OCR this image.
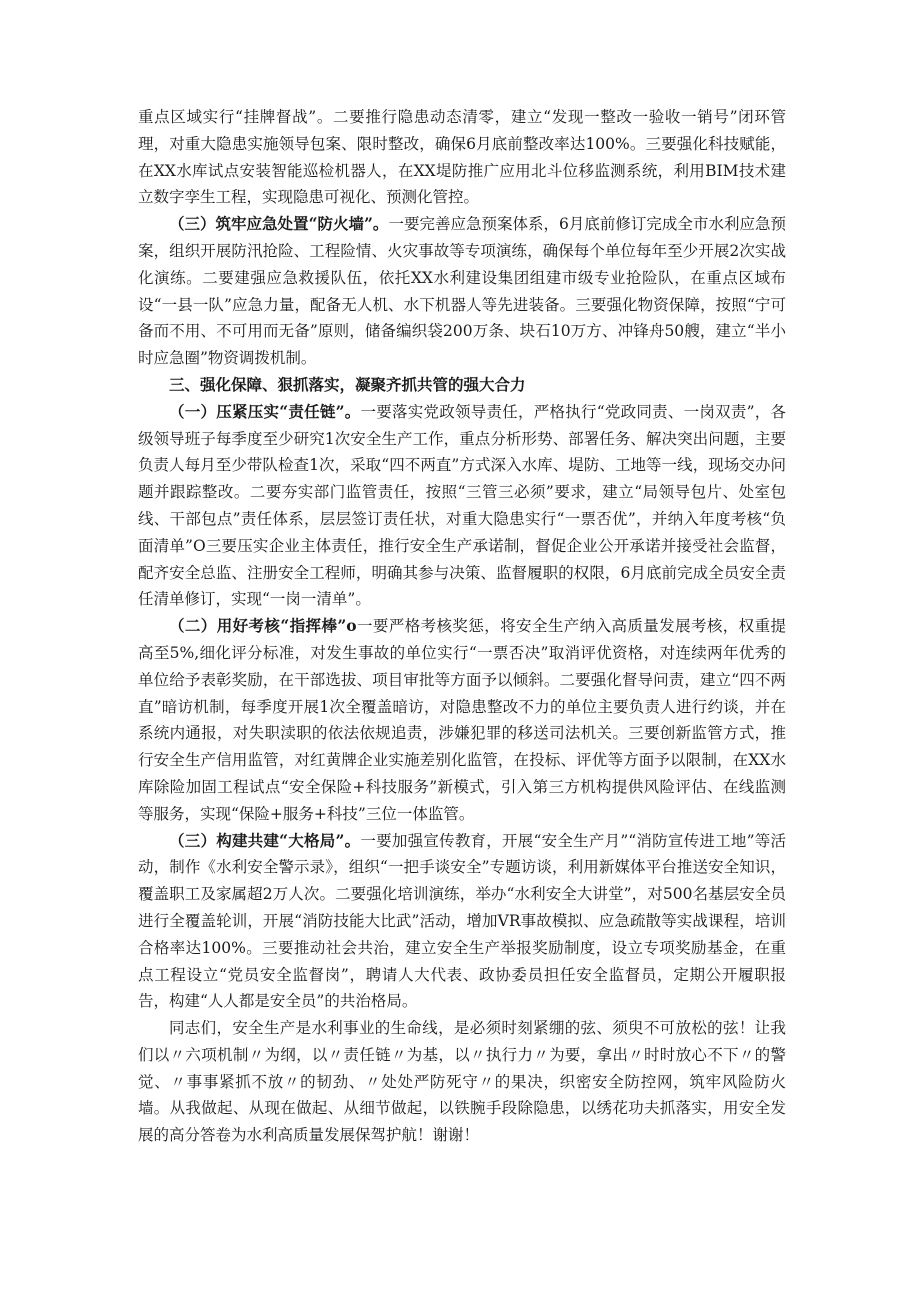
重点区域实行“挂牌督战”。二要推行隐患动态清零，建立“发现一整改一验收一销号”闭环管理，对重大隐患实施领导包案、限时整改，确保6月底前整改率达100%。三要强化科技赋能，在XX水库试点安装智能巡检机器人，在XX堤防推广应用北斗位移监测系统，利用BIM技术建立数字孪生工程，实现隐患可视化、预测化管控。

（三）筑牢应急处置“防火墙”。一要完善应急预案体系，6月底前修订完成全市水利应急预案，组织开展防汛抢险、工程险情、火灾事故等专项演练，确保每个单位每年至少开展2次实战化演练。二要建强应急救援队伍，依托XX水利建设集团组建市级专业抢险队，在重点区域布设“一县一队”应急力量，配备无人机、水下机器人等先进装备。三要强化物资保障，按照“宁可备而不用、不可用而无备”原则，储备编织袋200万条、块石10万方、冲锋舟50艘，建立“半小时应急圈”物资调拨机制。

三、强化保障、狠抓落实，凝聚齐抓共管的强大合力

（一）压紧压实“责任链”。一要落实党政领导责任，严格执行“党政同责、一岗双责”，各级领导班子每季度至少研究1次安全生产工作，重点分析形势、部署任务、解决突出问题，主要负责人每月至少带队检查1次，采取“四不两直”方式深入水库、堤防、工地等一线，现场交办问题并跟踪整改。二要夯实部门监管责任，按照“三管三必须”要求，建立“局领导包片、处室包线、干部包点”责任体系，层层签订责任状，对重大隐患实行“一票否优”，并纳入年度考核“负面清单”O三要压实企业主体责任，推行安全生产承诺制，督促企业公开承诺并接受社会监督，配齐安全总监、注册安全工程师，明确其参与决策、监督履职的权限，6月底前完成全员安全责任清单修订，实现“一岗一清单”。

（二）用好考核“指挥棒”o一要严格考核奖惩，将安全生产纳入高质量发展考核，权重提高至5%,细化评分标准，对发生事故的单位实行“一票否决”取消评优资格，对连续两年优秀的单位给予表彰奖励，在干部选拔、项目审批等方面予以倾斜。二要强化督导问责，建立“四不两直”暗访机制，每季度开展1次全覆盖暗访，对隐患整改不力的单位主要负责人进行约谈，并在系统内通报，对失职渎职的依法依规追责，涉嫌犯罪的移送司法机关。三要创新监管方式，推行安全生产信用监管，对红黄牌企业实施差别化监管，在投标、评优等方面予以限制，在XX水库除险加固工程试点“安全保险+科技服务”新模式，引入第三方机构提供风险评估、在线监测等服务，实现“保险+服务+科技”三位一体监管。

（三）构建共建“大格局”。一要加强宣传教育，开展“安全生产月”“消防宣传进工地”等活动，制作《水利安全警示录》，组织“一把手谈安全”专题访谈，利用新媒体平台推送安全知识，覆盖职工及家属超2万人次。二要强化培训演练，举办“水利安全大讲堂”，对500名基层安全员进行全覆盖轮训，开展“消防技能大比武”活动，增加VR事故模拟、应急疏散等实战课程，培训合格率达100%。三要推动社会共治，建立安全生产举报奖励制度，设立专项奖励基金，在重点工程设立“党员安全监督岗”，聘请人大代表、政协委员担任安全监督员，定期公开履职报告，构建“人人都是安全员”的共治格局。

同志们，安全生产是水利事业的生命线，是必须时刻紧绷的弦、须臾不可放松的弦！让我们以〃六项机制〃为纲，以〃责任链〃为基，以〃执行力〃为要，拿出〃时时放心不下〃的警觉、〃事事紧抓不放〃的韧劲、〃处处严防死守〃的果决，织密安全防控网，筑牢风险防火墙。从我做起、从现在做起、从细节做起，以铁腕手段除隐患，以绣花功夫抓落实，用安全发展的高分答卷为水利高质量发展保驾护航！谢谢！
